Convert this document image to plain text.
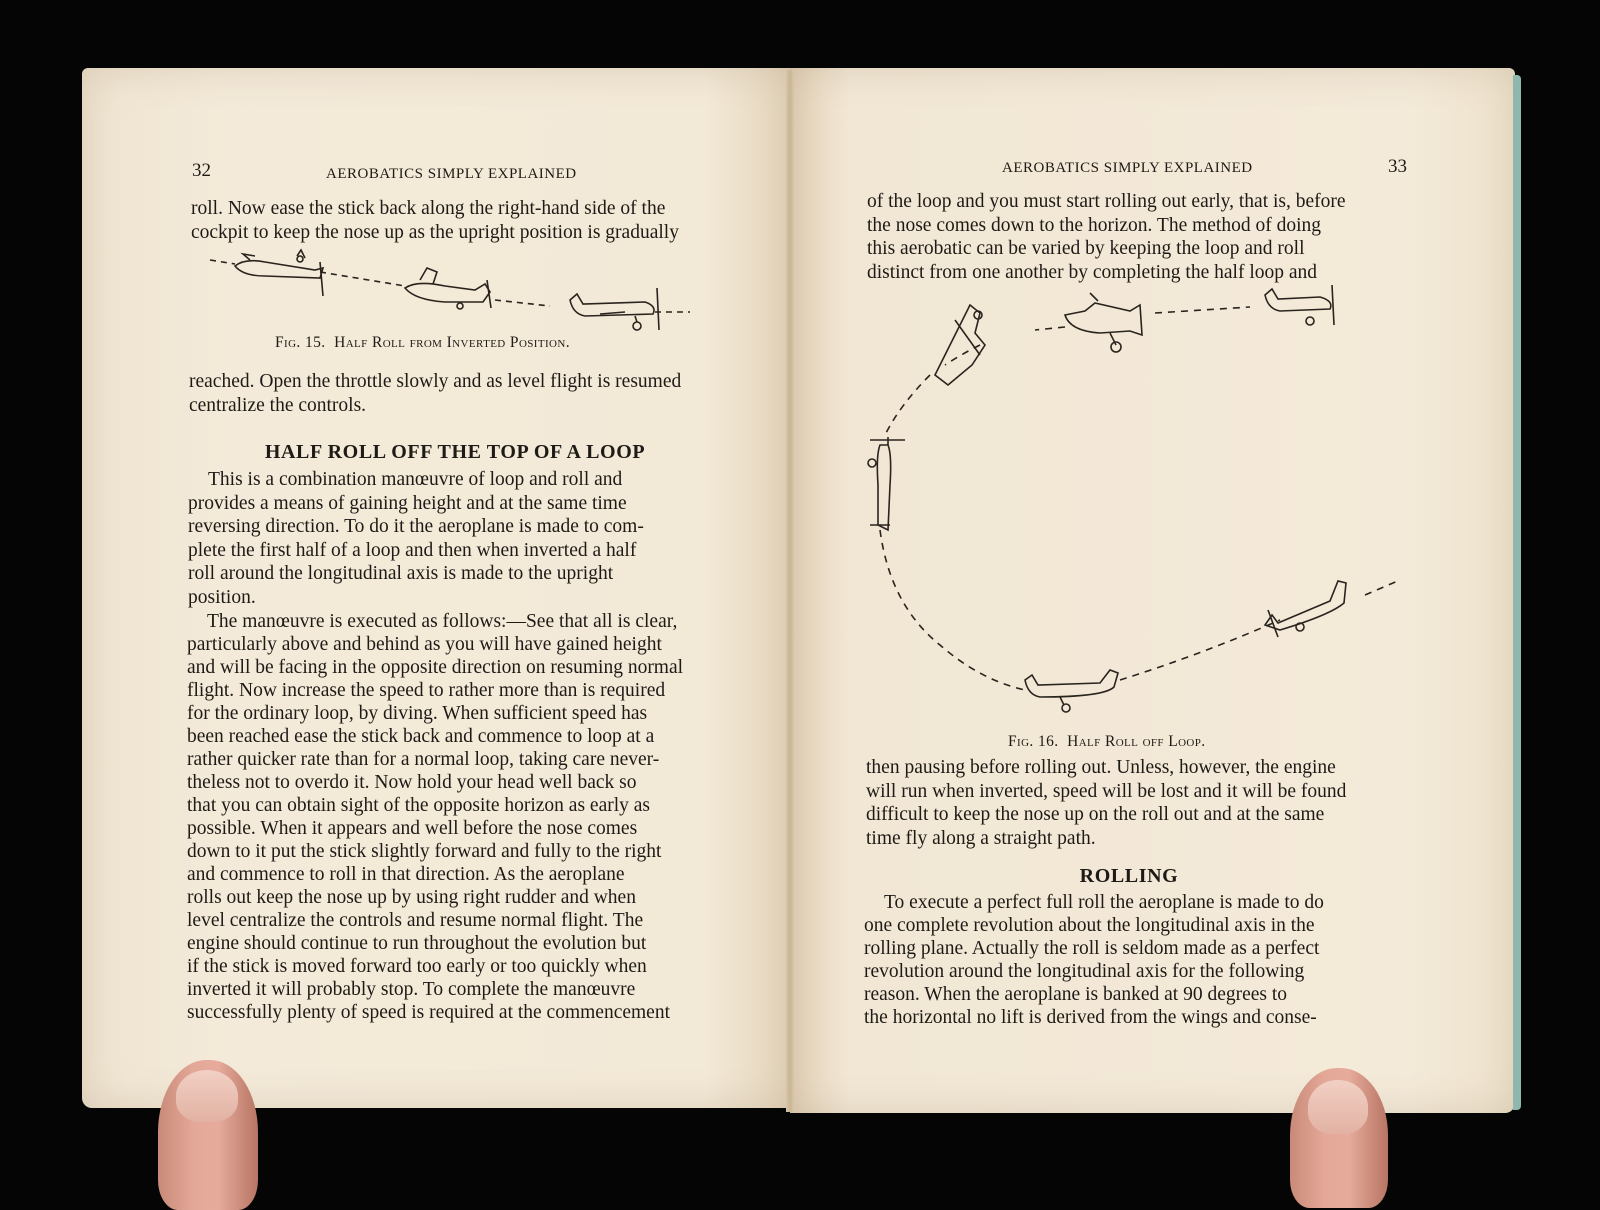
32	AEROBATICS SIMPLY EXPLAINED

roll. Now ease the stick back along the right-hand side of the

cockpit to keep the nose up as the upright position is gradually

Fig. 15. Half Roll from Inverted Position.

reached. Open the throttle slowly and as level flight is resumed

centralize the controls.

HALF ROLL OFF THE TOP OF A LOOP

This is a combination manœuvre of loop and roll and

provides a means of gaining height and at the same time

reversing direction. To do it the aeroplane is made to com-

plete the first half of a loop and then when inverted a half

roll around the longitudinal axis is made to the upright

position.

The manœuvre is executed as follows:—See that all is clear,

particularly above and behind as you will have gained height

and will be facing in the opposite direction on resuming normal

flight. Now increase the speed to rather more than is required

for the ordinary loop, by diving. When sufficient speed has

been reached ease the stick back and commence to loop at a

rather quicker rate than for a normal loop, taking care never-

theless not to overdo it. Now hold your head well back so

that you can obtain sight of the opposite horizon as early as

possible. When it appears and well before the nose comes

down to it put the stick slightly forward and fully to the right

and commence to roll in that direction. As the aeroplane

rolls out keep the nose up by using right rudder and when

level centralize the controls and resume normal flight. The

engine should continue to run throughout the evolution but

if the stick is moved forward too early or too quickly when

inverted it will probably stop. To complete the manœuvre

successfully plenty of speed is required at the commencement

AEROBATICS SIMPLY EXPLAINED	33

of the loop and you must start rolling out early, that is, before

the nose comes down to the horizon. The method of doing

this aerobatic can be varied by keeping the loop and roll

distinct from one another by completing the half loop and

Fig. 16. Half Roll off Loop.

then pausing before rolling out. Unless, however, the engine

will run when inverted, speed will be lost and it will be found

difficult to keep the nose up on the roll out and at the same

time fly along a straight path.

ROLLING

To execute a perfect full roll the aeroplane is made to do

one complete revolution about the longitudinal axis in the

rolling plane. Actually the roll is seldom made as a perfect

revolution around the longitudinal axis for the following

reason. When the aeroplane is banked at 90 degrees to

the horizontal no lift is derived from the wings and conse-
